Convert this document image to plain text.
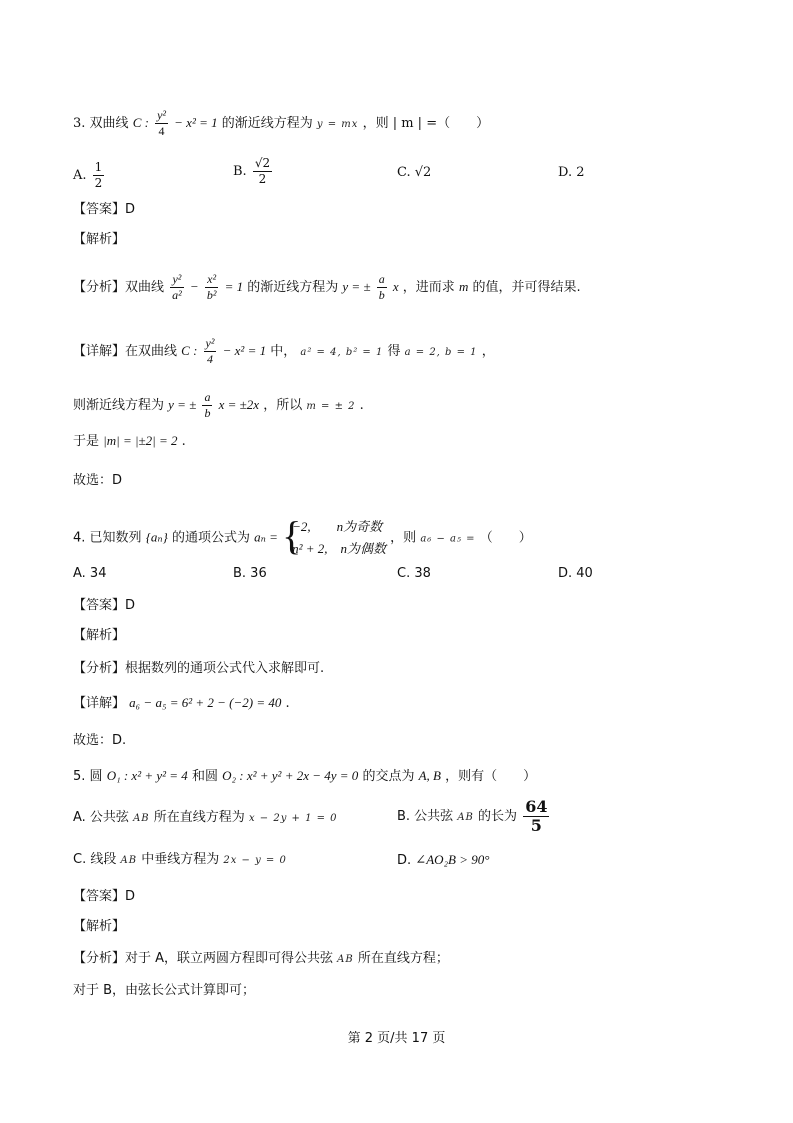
3. 双曲线 C : $\frac{\text{y²}}{4} - x^2 = 1$ 的渐近线方程为 y = mx ，则 | m | =（　　）
A. $\frac{1}{2}$	B. $\frac{√2}{2}$	C. √2	D. 2
【答案】D
【解析】
【分析】双曲线 $\frac{\text{y²}}{\text{a²}} - \frac{\text{x²}}{\text{b²}} = 1$ 的渐近线方程为 y = ± $\frac{a}{b}$ x ，进而求 m 的值，并可得结果.
【详解】在双曲线 C : $\frac{\text{y²}}{4} - x^2 = 1$ 中， a² = 4, b² = 1 得 a = 2, b = 1 ，
则渐近线方程为 y = ± $\frac{a}{b}$ x = ±2x ，所以 m = ± 2 .
于是 |m| = |±2| = 2 .
故选：D
4. 已知数列 {aₙ} 的通项公式为 aₙ = {
−2,　　n为奇数
n² + 2,　n为偶数
，则 a₆ − a₅ = （　　）
A. 34	B. 36	C. 38	D. 40
【答案】D
【解析】
【分析】根据数列的通项公式代入求解即可.
【详解】 a₆ − a₅ = 6² + 2 − (−2) = 40 .
故选：D.
5. 圆 O₁ : x² + y² = 4 和圆 O₂ : x² + y² + 2x − 4y = 0 的交点为 A, B ，则有（　　）
A. 公共弦 AB 所在直线方程为 x − 2y + 1 = 0	B. 公共弦 AB 的长为 $\frac{64}{5}$
C. 线段 AB 中垂线方程为 2x − y = 0	D. ∠AO₂B > 90°
【答案】D
【解析】
【分析】对于 A，联立两圆方程即可得公共弦 AB 所在直线方程；
对于 B，由弦长公式计算即可；
第 2 页/共 17 页
